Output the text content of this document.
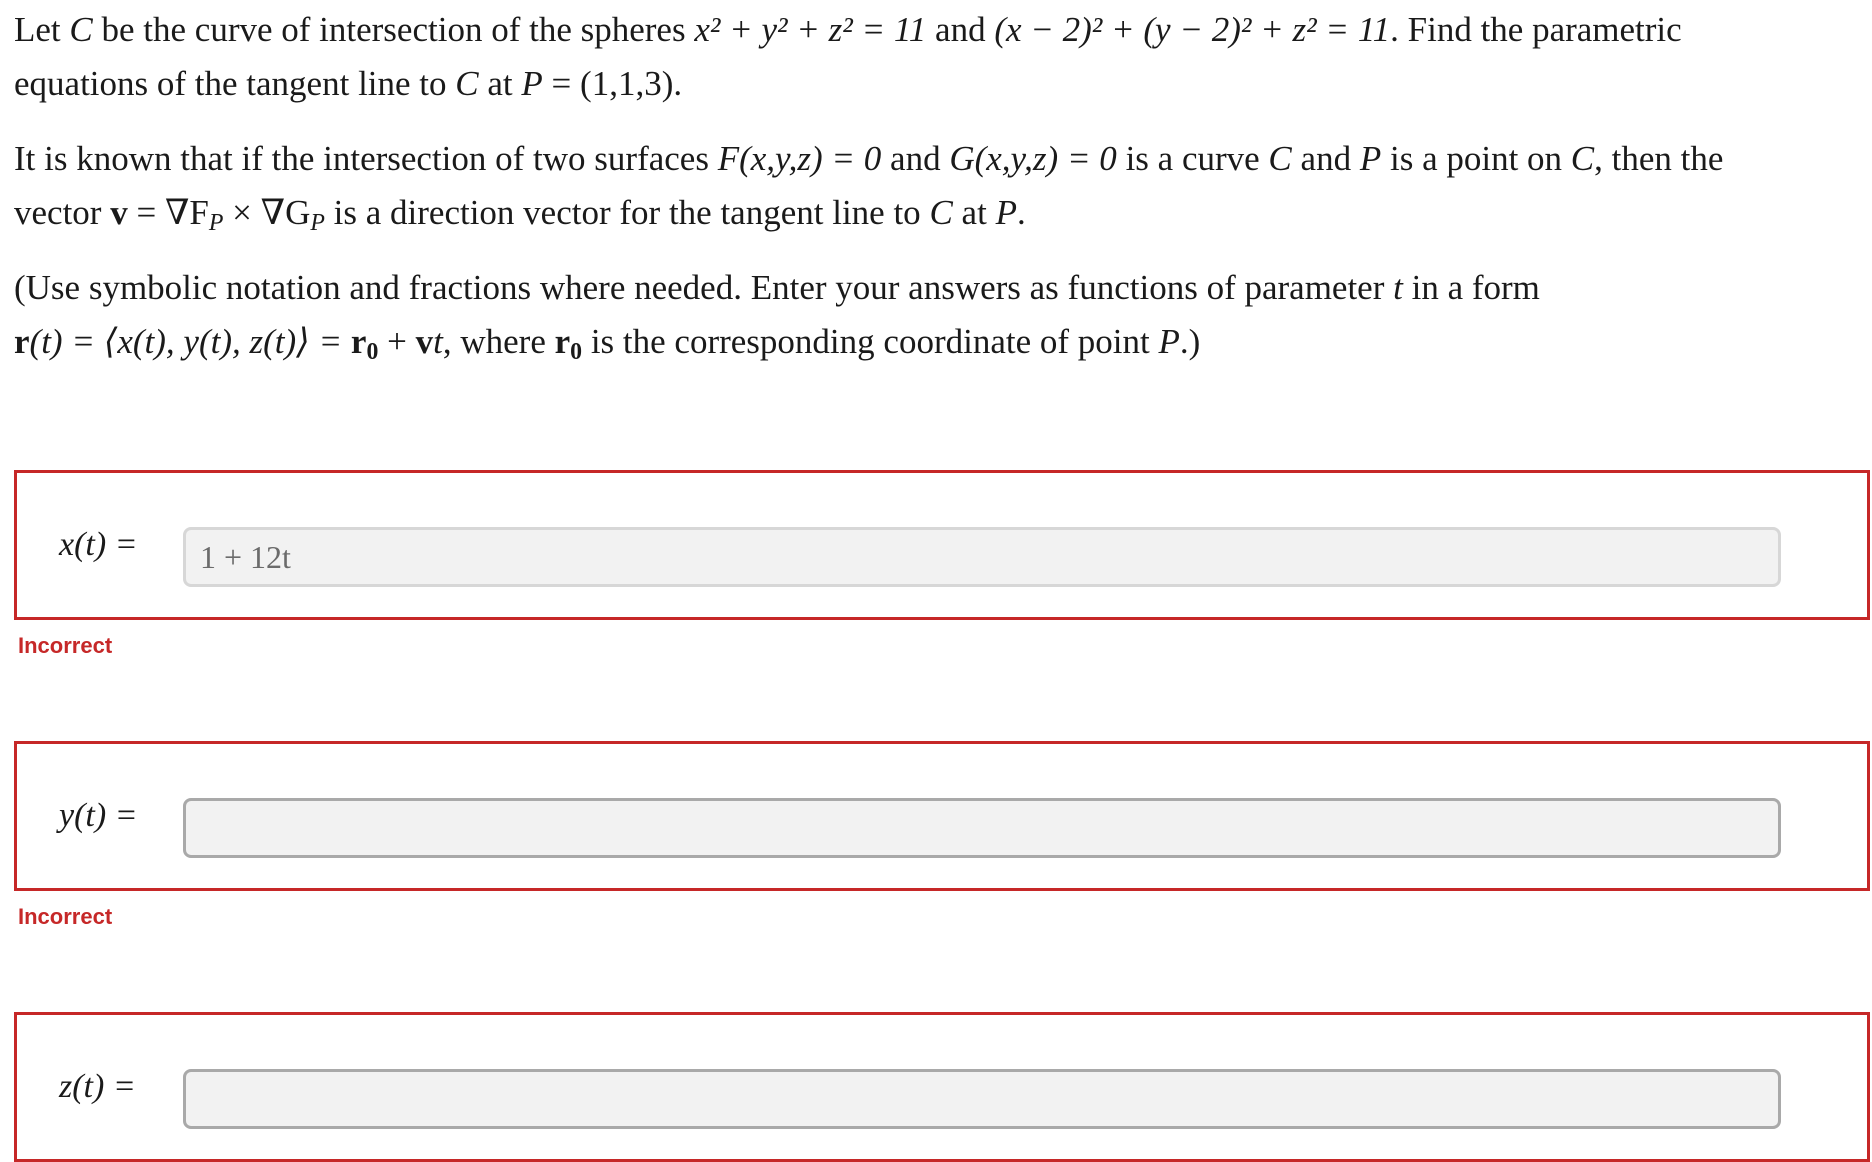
Let C be the curve of intersection of the spheres x² + y² + z² = 11 and (x − 2)² + (y − 2)² + z² = 11. Find the parametric
equations of the tangent line to C at P = (1,1,3).
It is known that if the intersection of two surfaces F(x,y,z) = 0 and G(x,y,z) = 0 is a curve C and P is a point on C, then the
vector $v = \nabla F_P \times \nabla G_P$ is a direction vector for the tangent line to C at P.
(Use symbolic notation and fractions where needed. Enter your answers as functions of parameter t in a form
r(t) = ⟨x(t), y(t), z(t)⟩ = $r_0$ + vt, where $r_0$ is the corresponding coordinate of point P.)
x(t) =
1 + 12t
Incorrect
y(t) =
Incorrect
z(t) =
